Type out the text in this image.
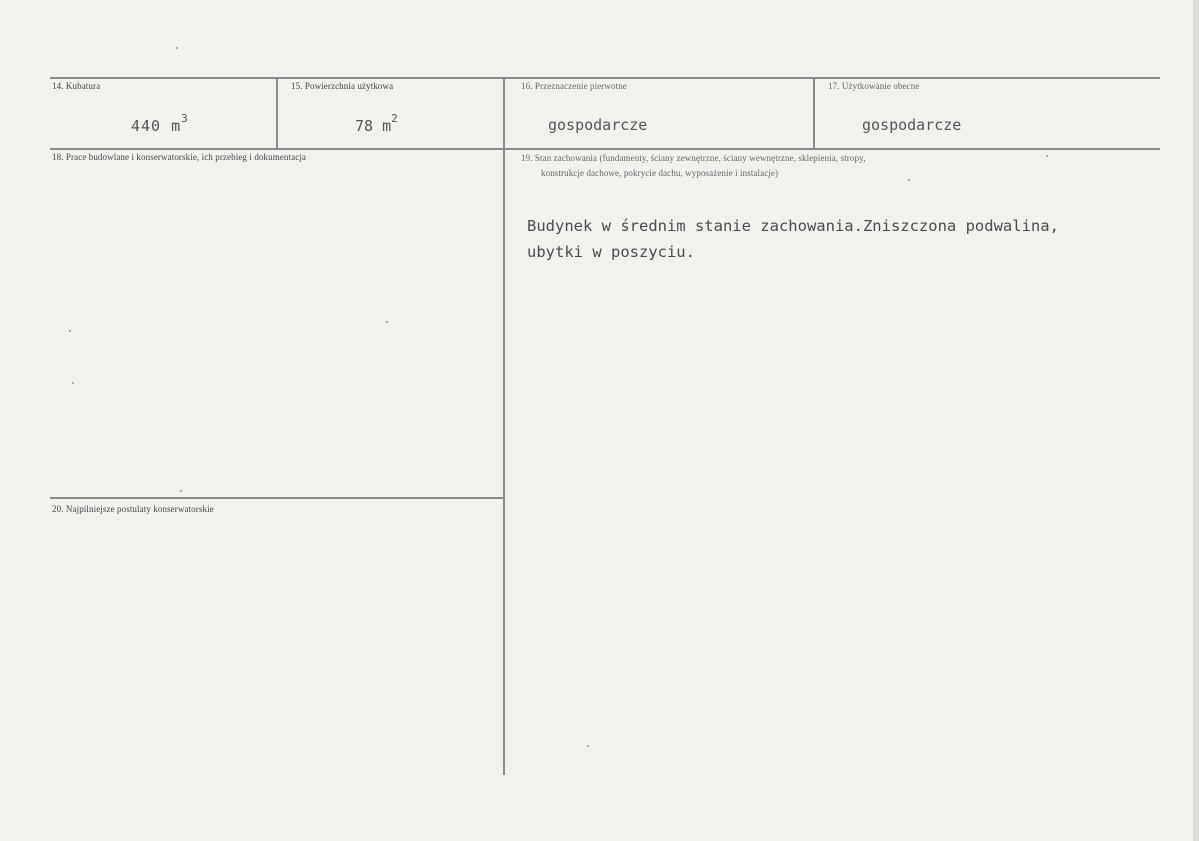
14. Kubatura
440 $m^3$
15. Powierzchnia użytkowa
78 $m^2$
16. Przeznaczenie pierwotne
gospodarcze
17. Użytkowanie obecne
gospodarcze
18. Prace budowlane i konserwatorskie, ich przebieg i dokumentacja	19. Stan zachowania (fundamenty, ściany zewnętrzne, ściany wewnętrzne, sklepienia, stropy,
konstrukcje dachowe, pokrycie dachu, wyposażenie i instalacje)
Budynek w średnim stanie zachowania.Zniszczona podwalina,
ubytki w poszyciu.
20. Najpilniejsze postulaty konserwatorskie
